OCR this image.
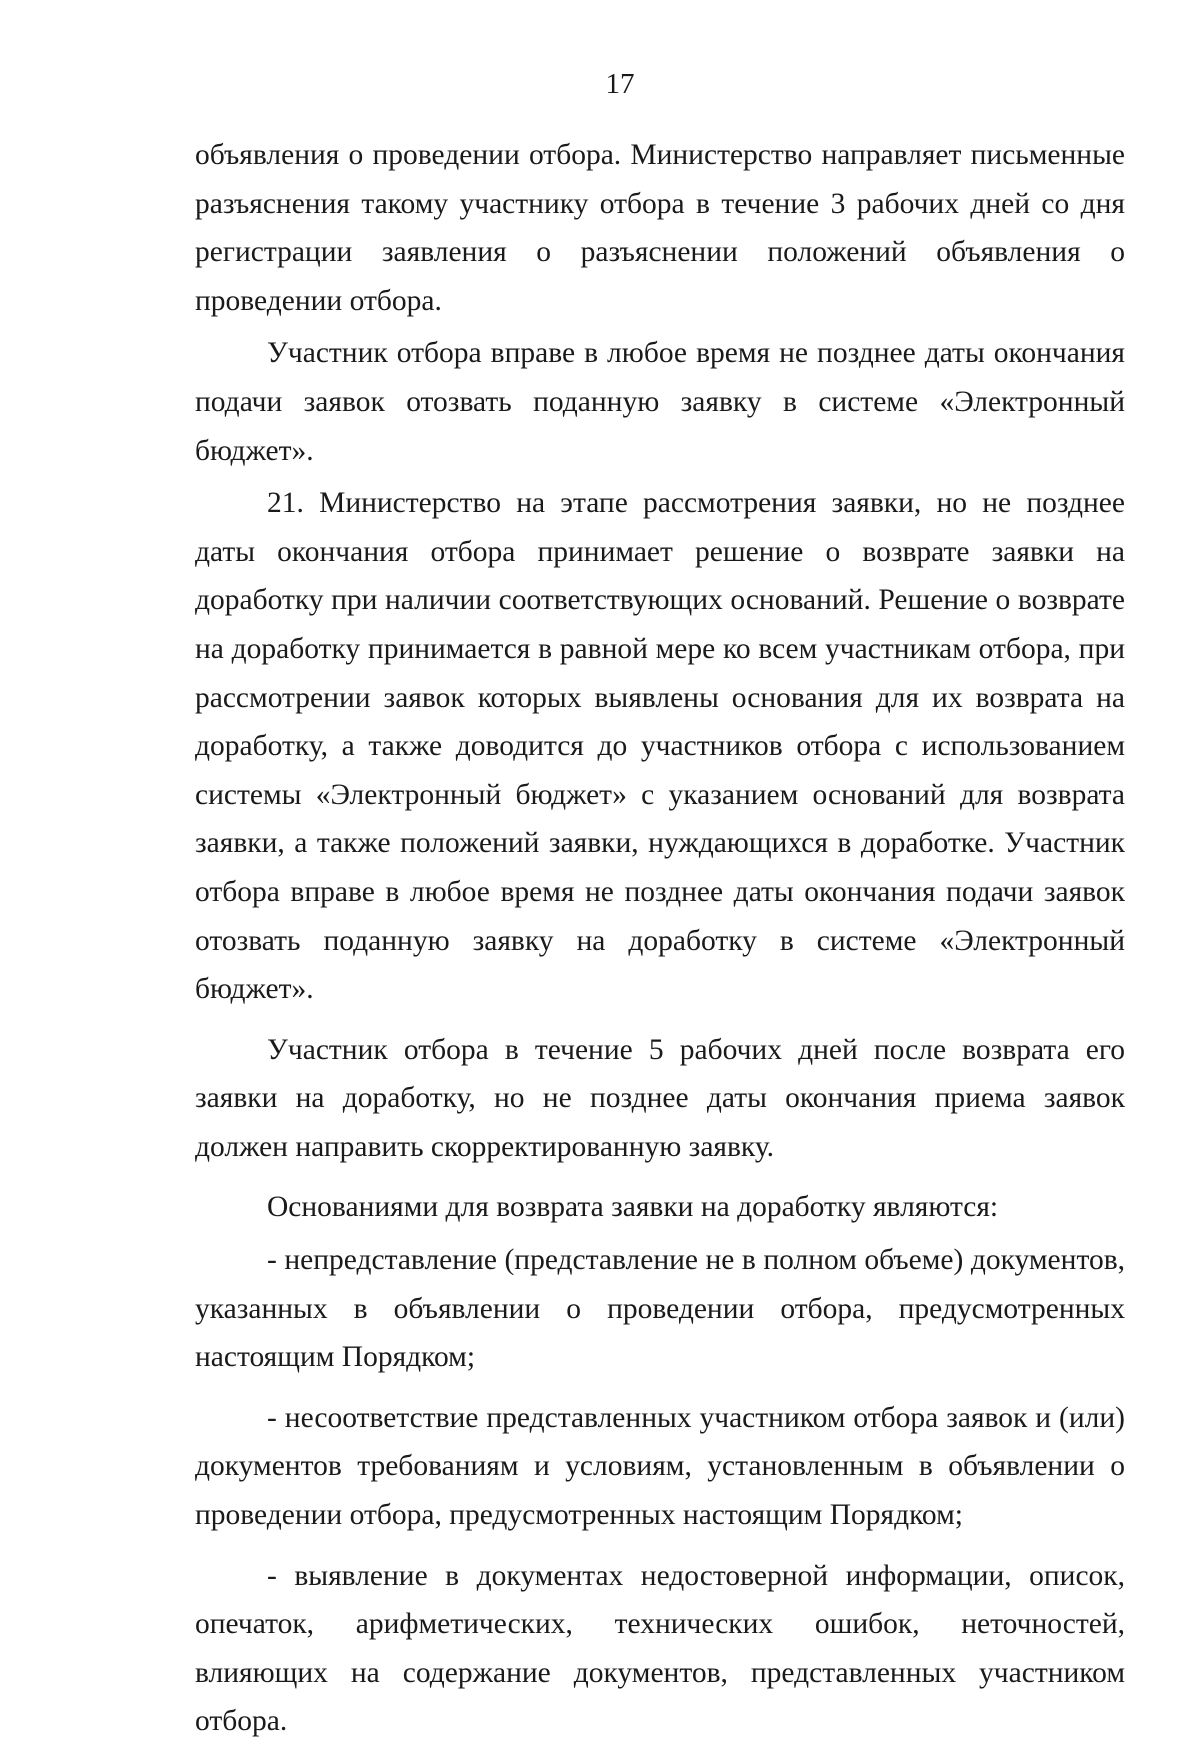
17

объявления о проведении отбора. Министерство направляет письменные разъяснения такому участнику отбора в течение 3 рабочих дней со дня регистрации заявления о разъяснении положений объявления о проведении отбора.

Участник отбора вправе в любое время не позднее даты окончания подачи заявок отозвать поданную заявку в системе «Электронный бюджет».

21. Министерство на этапе рассмотрения заявки, но не позднее даты окончания отбора принимает решение о возврате заявки на доработку при наличии соответствующих оснований. Решение о возврате на доработку принимается в равной мере ко всем участникам отбора, при рассмотрении заявок которых выявлены основания для их возврата на доработку, а также доводится до участников отбора с использованием системы «Электронный бюджет» с указанием оснований для возврата заявки, а также положений заявки, нуждающихся в доработке. Участник отбора вправе в любое время не позднее даты окончания подачи заявок отозвать поданную заявку на доработку в системе «Электронный бюджет».

Участник отбора в течение 5 рабочих дней после возврата его заявки на доработку, но не позднее даты окончания приема заявок должен направить скорректированную заявку.

Основаниями для возврата заявки на доработку являются:

- непредставление (представление не в полном объеме) документов, указанных в объявлении о проведении отбора, предусмотренных настоящим Порядком;

- несоответствие представленных участником отбора заявок и (или) документов требованиям и условиям, установленным в объявлении о проведении отбора, предусмотренных настоящим Порядком;

- выявление в документах недостоверной информации, описок, опечаток, арифметических, технических ошибок, неточностей, влияющих на содержание документов, представленных участником отбора.
